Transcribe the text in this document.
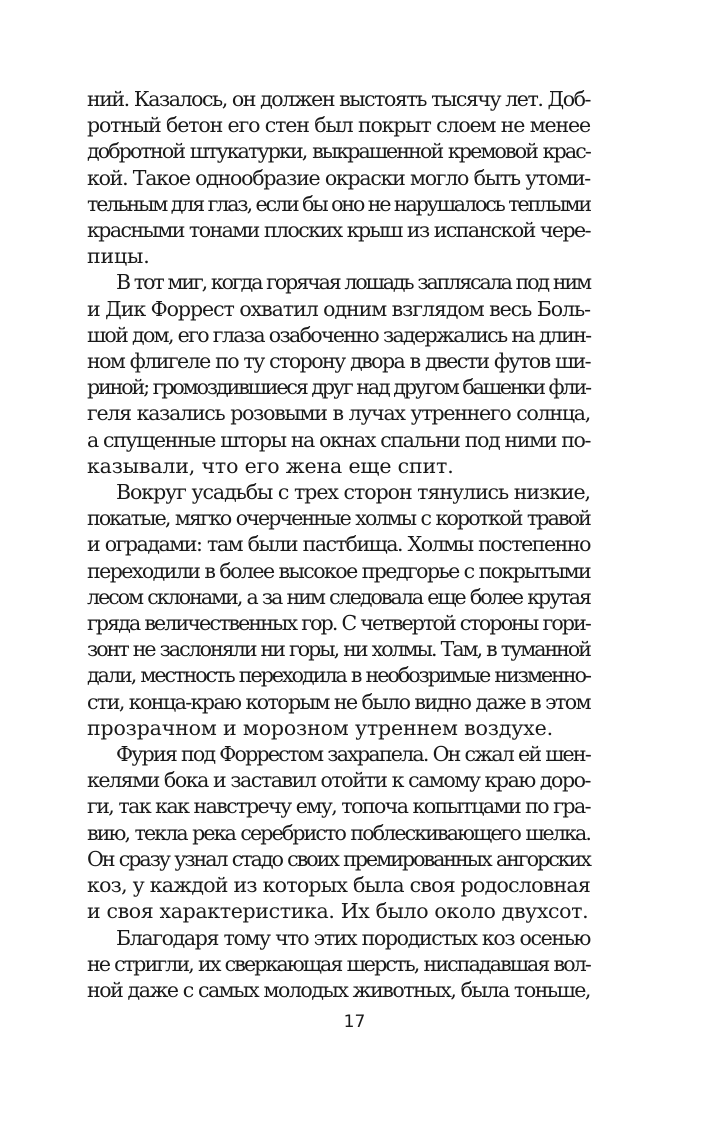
ний. Казалось, он должен выстоять тысячу лет. Доб-
ротный бетон его стен был покрыт слоем не менее
добротной штукатурки, выкрашенной кремовой крас-
кой. Такое однообразие окраски могло быть утоми-
тельным для глаз, если бы оно не нарушалось теплыми
красными тонами плоских крыш из испанской чере-
пицы.
В тот миг, когда горячая лошадь заплясала под ним
и Дик Форрест охватил одним взглядом весь Боль-
шой дом, его глаза озабоченно задержались на длин-
ном флигеле по ту сторону двора в двести футов ши-
риной; громоздившиеся друг над другом башенки фли-
геля казались розовыми в лучах утреннего солнца,
а спущенные шторы на окнах спальни под ними по-
казывали, что его жена еще спит.
Вокруг усадьбы с трех сторон тянулись низкие,
покатые, мягко очерченные холмы с короткой травой
и оградами: там были пастбища. Холмы постепенно
переходили в более высокое предгорье с покрытыми
лесом склонами, а за ним следовала еще более крутая
гряда величественных гор. С четвертой стороны гори-
зонт не заслоняли ни горы, ни холмы. Там, в туманной
дали, местность переходила в необозримые низменно-
сти, конца-краю которым не было видно даже в этом
прозрачном и морозном утреннем воздухе.
Фурия под Форрестом захрапела. Он сжал ей шен-
келями бока и заставил отойти к самому краю доро-
ги, так как навстречу ему, топоча копытцами по гра-
вию, текла река серебристо поблескивающего шелка.
Он сразу узнал стадо своих премированных ангорских
коз, у каждой из которых была своя родословная
и своя характеристика. Их было около двухсот.
Благодаря тому что этих породистых коз осенью
не стригли, их сверкающая шерсть, ниспадавшая вол-
ной даже с самых молодых животных, была тоньше,
17
